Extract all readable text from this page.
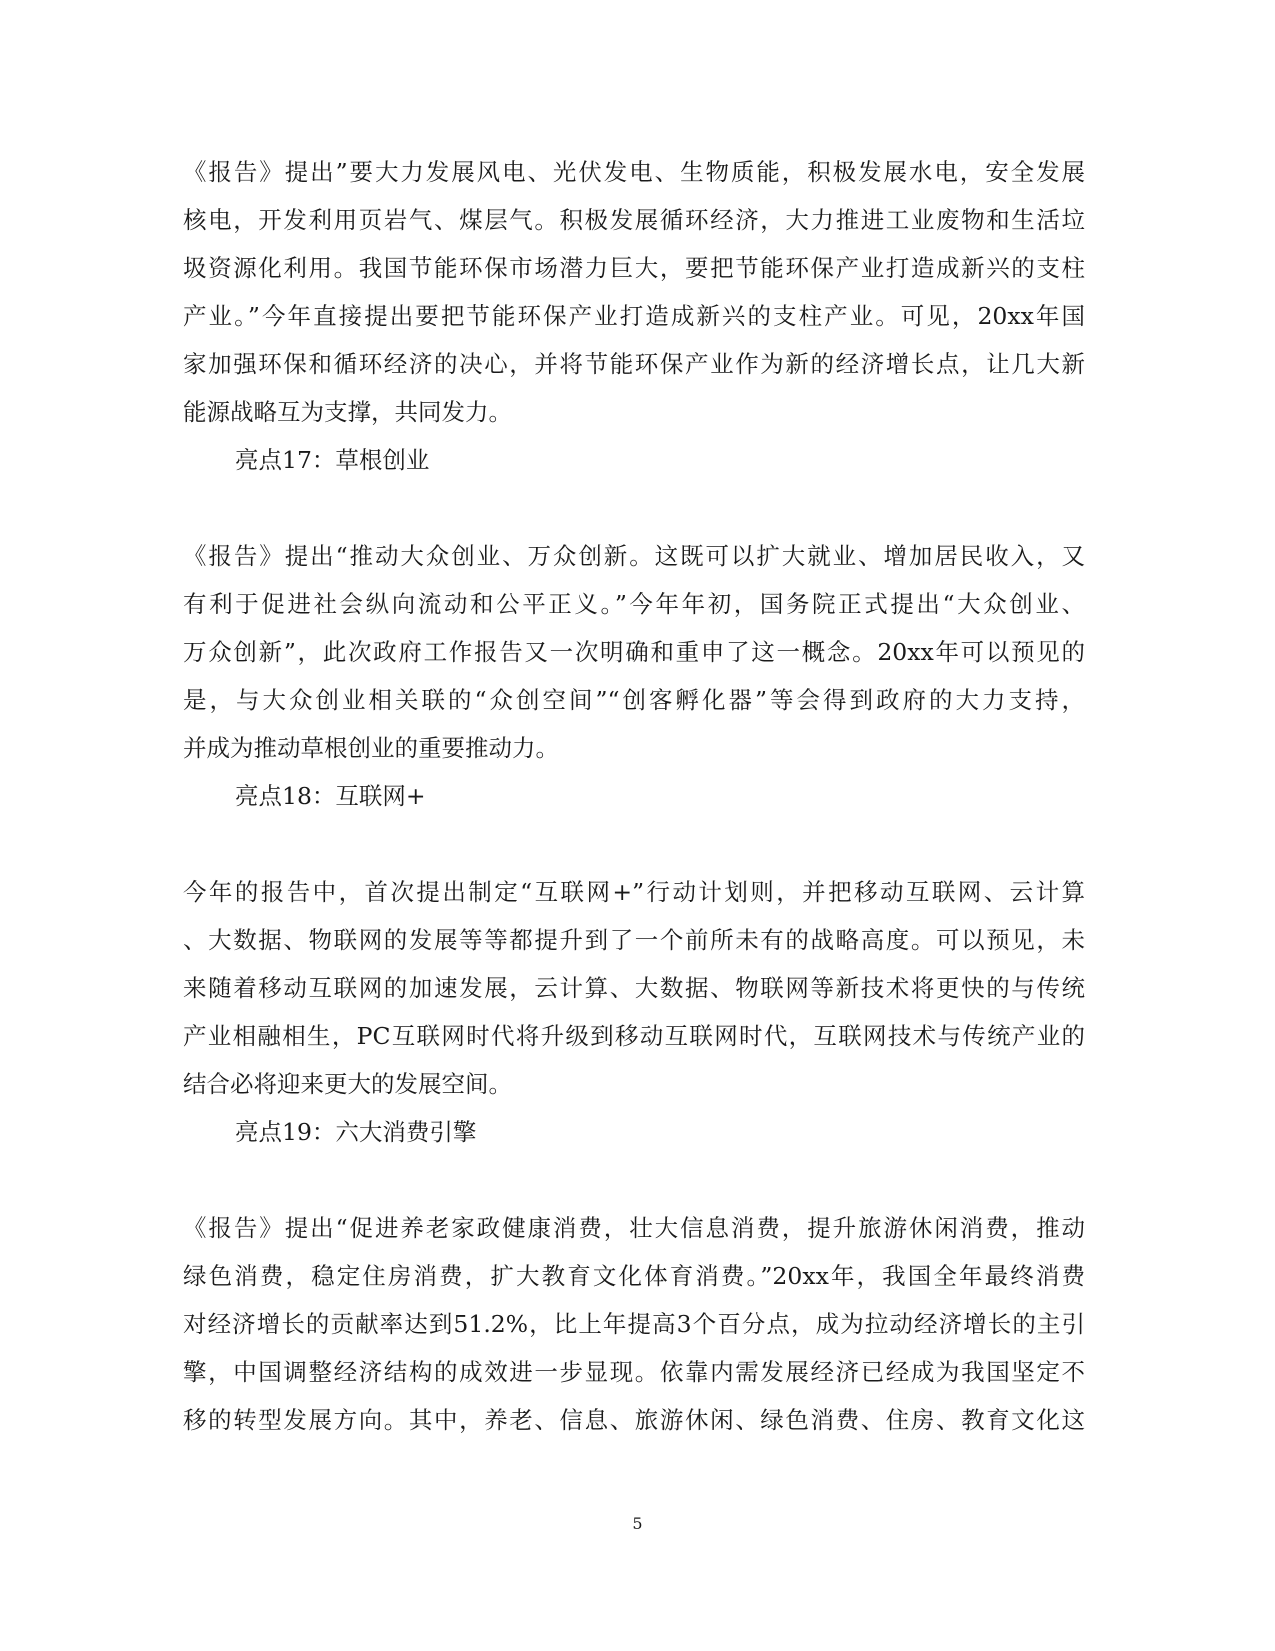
《报告》提出”要大力发展风电、光伏发电、生物质能，积极发展水电，安全发展
核电，开发利用页岩气、煤层气。积极发展循环经济，大力推进工业废物和生活垃
圾资源化利用。我国节能环保市场潜力巨大，要把节能环保产业打造成新兴的支柱
产业。”今年直接提出要把节能环保产业打造成新兴的支柱产业。可见，20xx年国
家加强环保和循环经济的决心，并将节能环保产业作为新的经济增长点，让几大新
能源战略互为支撑，共同发力。
亮点17：草根创业
《报告》提出“推动大众创业、万众创新。这既可以扩大就业、增加居民收入，又
有利于促进社会纵向流动和公平正义。”今年年初，国务院正式提出“大众创业、
万众创新”，此次政府工作报告又一次明确和重申了这一概念。20xx年可以预见的
是，与大众创业相关联的“众创空间”“创客孵化器”等会得到政府的大力支持，
并成为推动草根创业的重要推动力。
亮点18：互联网+
今年的报告中，首次提出制定“互联网+”行动计划则，并把移动互联网、云计算
、大数据、物联网的发展等等都提升到了一个前所未有的战略高度。可以预见，未
来随着移动互联网的加速发展，云计算、大数据、物联网等新技术将更快的与传统
产业相融相生，PC互联网时代将升级到移动互联网时代，互联网技术与传统产业的
结合必将迎来更大的发展空间。
亮点19：六大消费引擎
《报告》提出“促进养老家政健康消费，壮大信息消费，提升旅游休闲消费，推动
绿色消费，稳定住房消费，扩大教育文化体育消费。”20xx年，我国全年最终消费
对经济增长的贡献率达到51.2%，比上年提高3个百分点，成为拉动经济增长的主引
擎，中国调整经济结构的成效进一步显现。依靠内需发展经济已经成为我国坚定不
移的转型发展方向。其中，养老、信息、旅游休闲、绿色消费、住房、教育文化这
5
